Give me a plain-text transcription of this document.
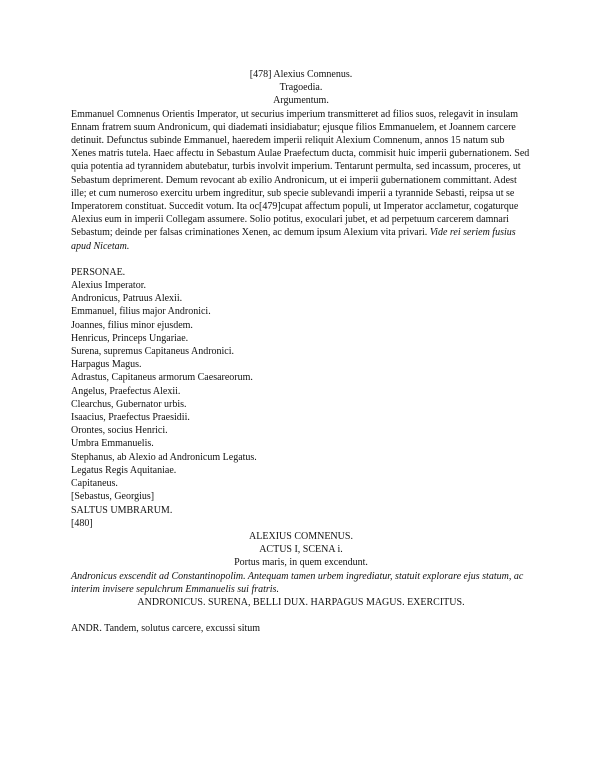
[478] Alexius Comnenus.
Tragoedia.
Argumentum.

Emmanuel Comnenus Orientis Imperator, ut securius imperium transmitteret ad filios suos, relegavit in insulam Ennam fratrem suum Andronicum, qui diademati insidiabatur; ejusque filios Emmanuelem, et Joannem carcere detinuit. Defunctus subinde Emmanuel, haeredem imperii reliquit Alexium Comnenum, annos 15 natum sub Xenes matris tutela. Haec affectu in Sebastum Aulae Praefectum ducta, commisit huic imperii gubernationem. Sed quia potentia ad tyrannidem abutebatur, turbis involvit imperium. Tentarunt permulta, sed incassum, proceres, ut Sebastum deprimerent. Demum revocant ab exilio Andronicum, ut ei imperii gubernationem committant. Adest ille; et cum numeroso exercitu urbem ingreditur, sub specie sublevandi imperii a tyrannide Sebasti, reipsa ut se Imperatorem constituat. Succedit votum. Ita oc[479]cupat affectum populi, ut Imperator acclametur, cogaturque Alexius eum in imperii Collegam assumere. Solio potitus, exoculari jubet, et ad perpetuum carcerem damnari Sebastum; deinde per falsas criminationes Xenen, ac demum ipsum Alexium vita privari. Vide rei seriem fusius apud Nicetam.

PERSONAE.
Alexius Imperator.
Andronicus, Patruus Alexii.
Emmanuel, filius major Andronici.
Joannes, filius minor ejusdem.
Henricus, Princeps Ungariae.
Surena, supremus Capitaneus Andronici.
Harpagus Magus.
Adrastus, Capitaneus armorum Caesareorum.
Angelus, Praefectus Alexii.
Clearchus, Gubernator urbis.
Isaacius, Praefectus Praesidii.
Orontes, socius Henrici.
Umbra Emmanuelis.
Stephanus, ab Alexio ad Andronicum Legatus.
Legatus Regis Aquitaniae.
Capitaneus.
[Sebastus, Georgius]
SALTUS UMBRARUM.
[480]
ALEXIUS COMNENUS.
ACTUS I, SCENA i.
Portus maris, in quem excendunt.

Andronicus exscendit ad Constantinopolim. Antequam tamen urbem ingrediatur, statuit explorare ejus statum, ac interim invisere sepulchrum Emmanuelis sui fratris.

ANDRONICUS. SURENA, BELLI DUX. HARPAGUS MAGUS. EXERCITUS.
ANDR. Tandem, solutus carcere, excussi situm
